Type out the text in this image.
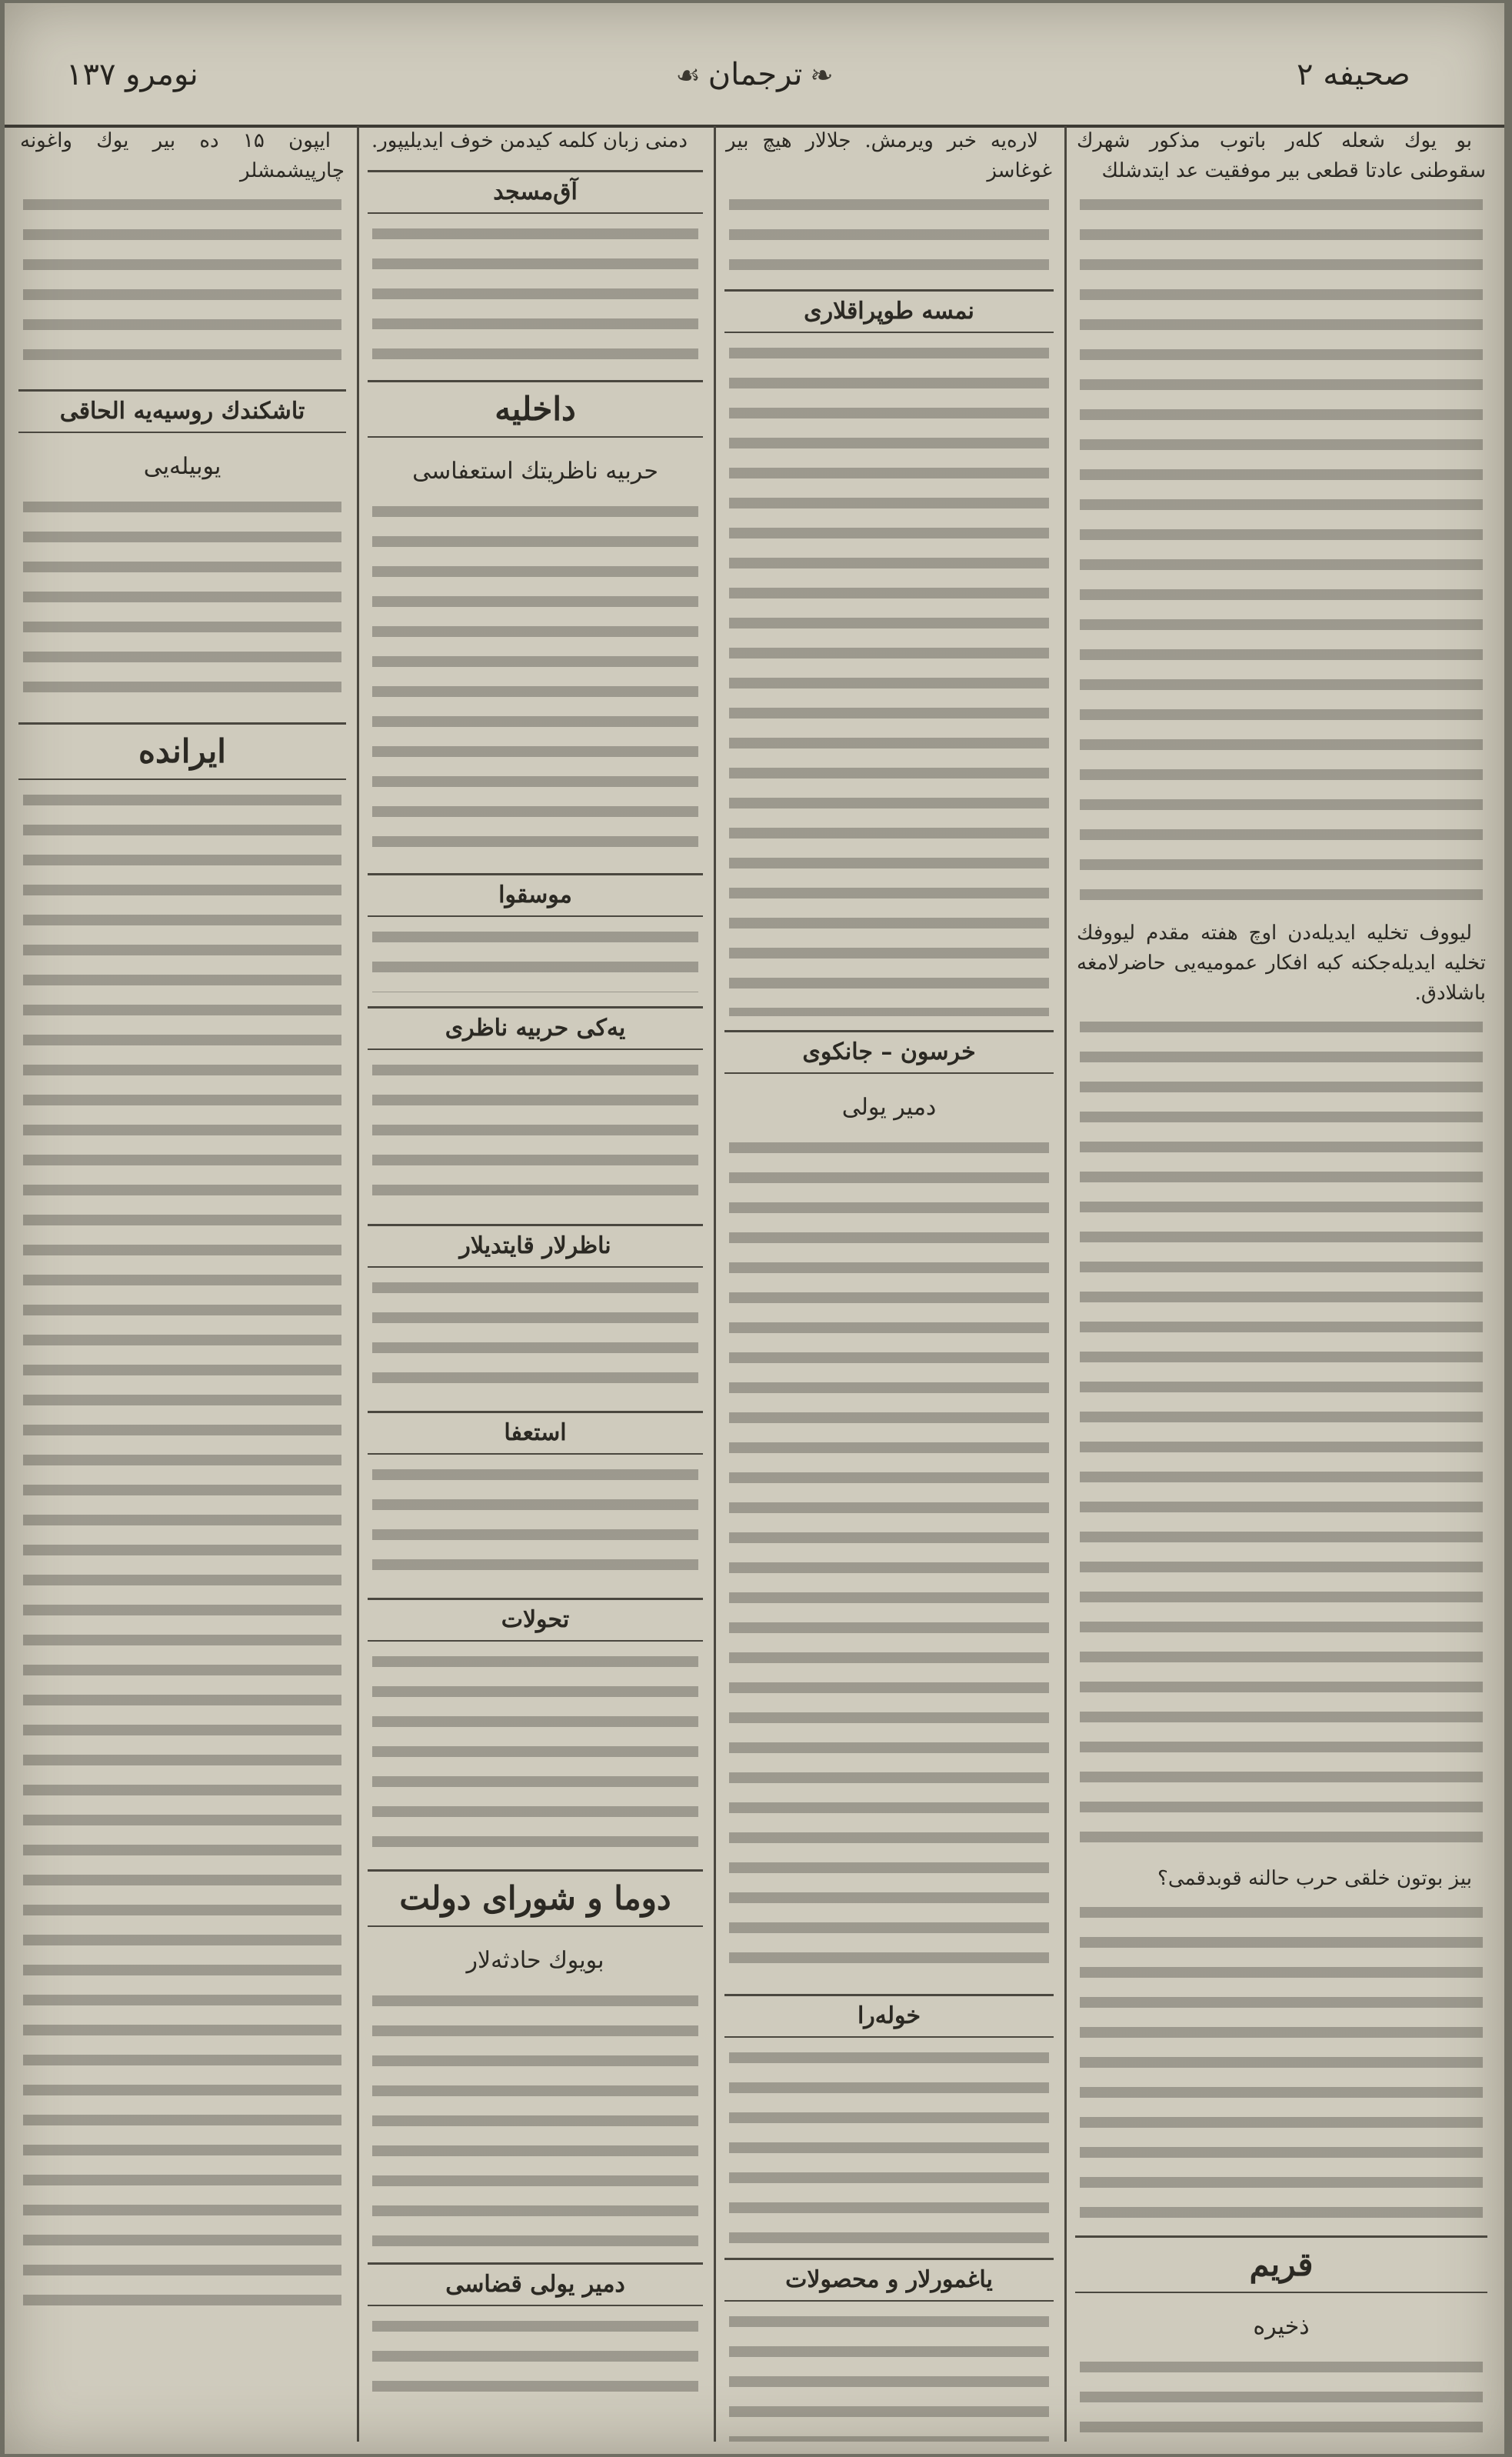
نومرو ۱۳۷	❧ترجمان☙	صحیفه ۲
بو یوك شعله کله‌ر باتوب مذکور شهرك سقوطنی عادتا قطعی بیر موفقیت عد ایتدشلك
لیووف تخلیه ایدیله‌دن اوچ هفته مقدم لیووفك تخلیه ایدیله‌جکنه کبه افکار عمومیه‌یی حاضرلامغه باشلادق.
بیز بوتون خلقی حرب حالنه قوبدقمی؟
قریم
ذخیره
لاره‌یه خبر ویرمش. جلالار هیچ بیر غوغاسز
نمسه طوپراقلاری
خرسون – جانکوی
دمیر یولی
خوله‌را
یاغمورلار و محصولات
دمنی زبان کلمه کیدمن خوف ایدیلیپور.
آق‌مسجد
داخلیه
حربیه ناظریتك استعفاسی
موسقوا
یه‌کی حربیه ناظری
ناظرلار قایتدیلار
استعفا
تحولات
دوما و شورای دولت
بویوك حادثه‌لار
دمیر یولی قضاسی
ایپون ۱۵ ده بیر یوك واغونه چارپیشمشلر
تاشکندك روسیه‌یه الحاقی
یوبیله‌یی
ایرانده
